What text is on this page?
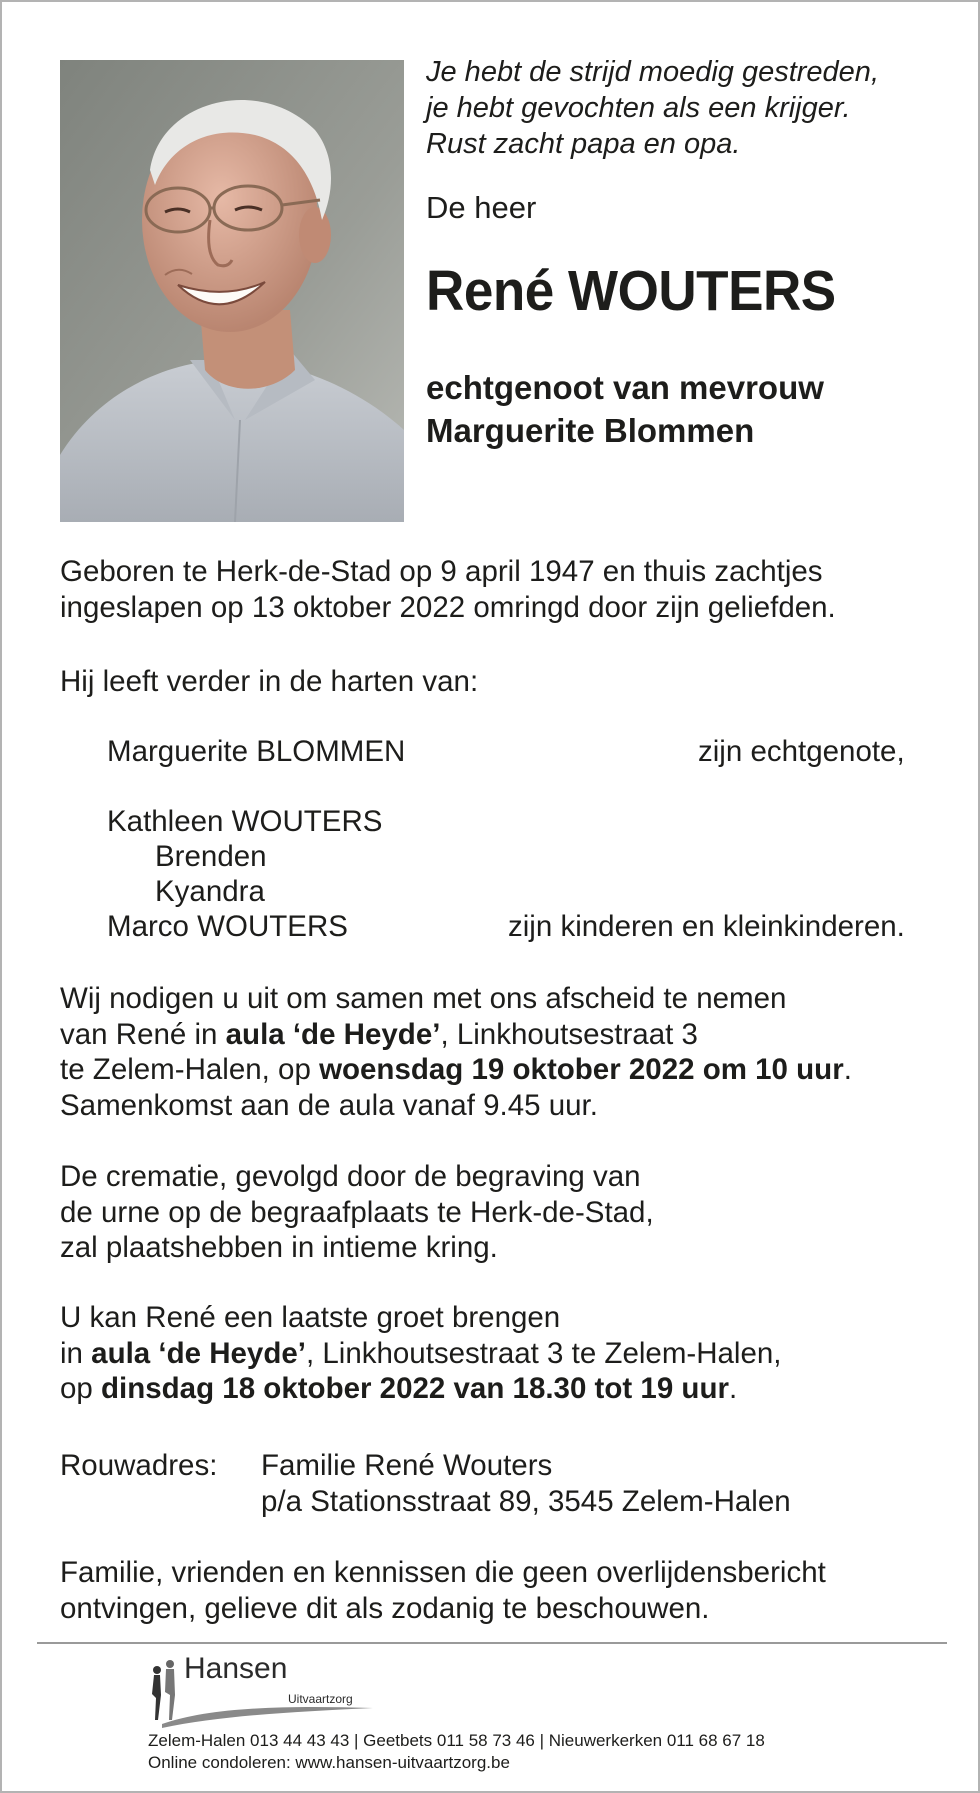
Je hebt de strijd moedig gestreden,
je hebt gevochten als een krijger.
Rust zacht papa en opa.
De heer
René WOUTERS
echtgenoot van mevrouw
Marguerite Blommen
Geboren te Herk-de-Stad op 9 april 1947 en thuis zachtjes
ingeslapen op 13 oktober 2022 omringd door zijn geliefden.
Hij leeft verder in de harten van:
Marguerite BLOMMEN	zijn echtgenote,
Kathleen WOUTERS
Brenden
Kyandra
Marco WOUTERS	zijn kinderen en kleinkinderen.
Wij nodigen u uit om samen met ons afscheid te nemen
van René in aula ‘de Heyde’, Linkhoutsestraat 3
te Zelem-Halen, op woensdag 19 oktober 2022 om 10 uur.
Samenkomst aan de aula vanaf 9.45 uur.
De crematie, gevolgd door de begraving van
de urne op de begraafplaats te Herk-de-Stad,
zal plaatshebben in intieme kring.
U kan René een laatste groet brengen
in aula ‘de Heyde’, Linkhoutsestraat 3 te Zelem-Halen,
op dinsdag 18 oktober 2022 van 18.30 tot 19 uur.
Rouwadres: Familie René Wouters
p/a Stationsstraat 89, 3545 Zelem-Halen
Familie, vrienden en kennissen die geen overlijdensbericht
ontvingen, gelieve dit als zodanig te beschouwen.
Hansen
Uitvaartzorg
Zelem-Halen 013 44 43 43 | Geetbets 011 58 73 46 | Nieuwerkerken 011 68 67 18
Online condoleren: www.hansen-uitvaartzorg.be
